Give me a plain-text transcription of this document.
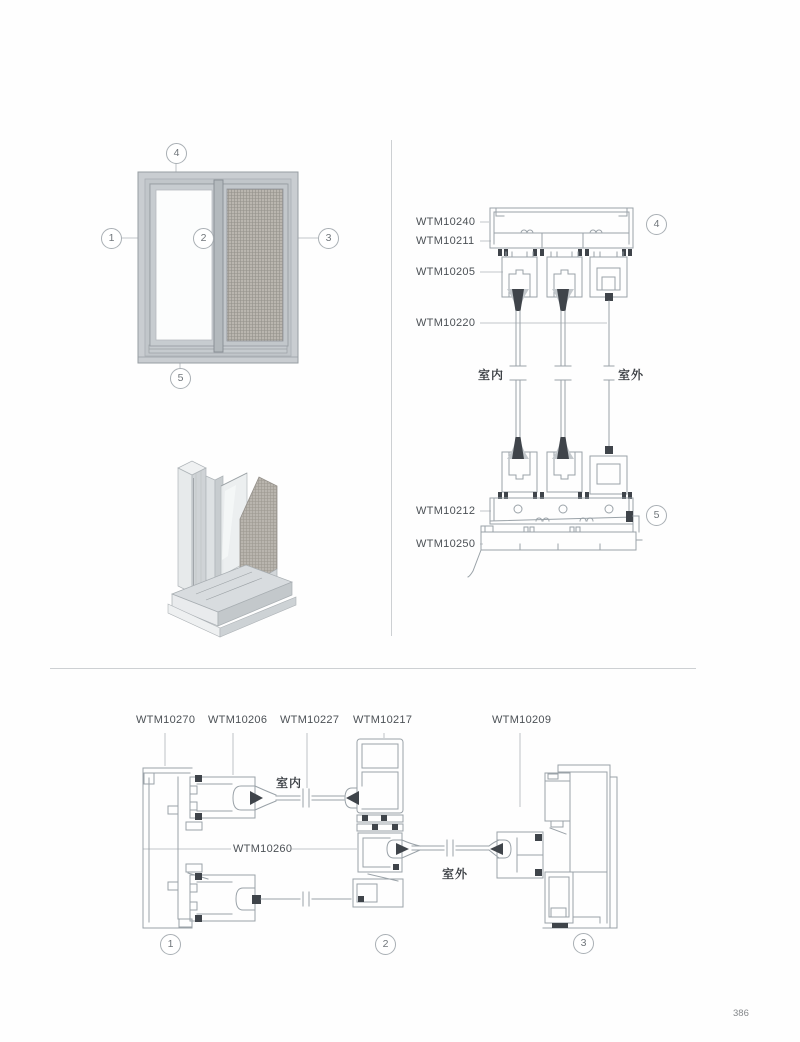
1	2	3
4
5
WTM10240
WTM10211
WTM10205
WTM10220
WTM10212
WTM10250
室内	室外
4
5
WTM10270 WTM10206 WTM10227 WTM10217	WTM10209
WTM10260
室内
室外
1	2	3
386
